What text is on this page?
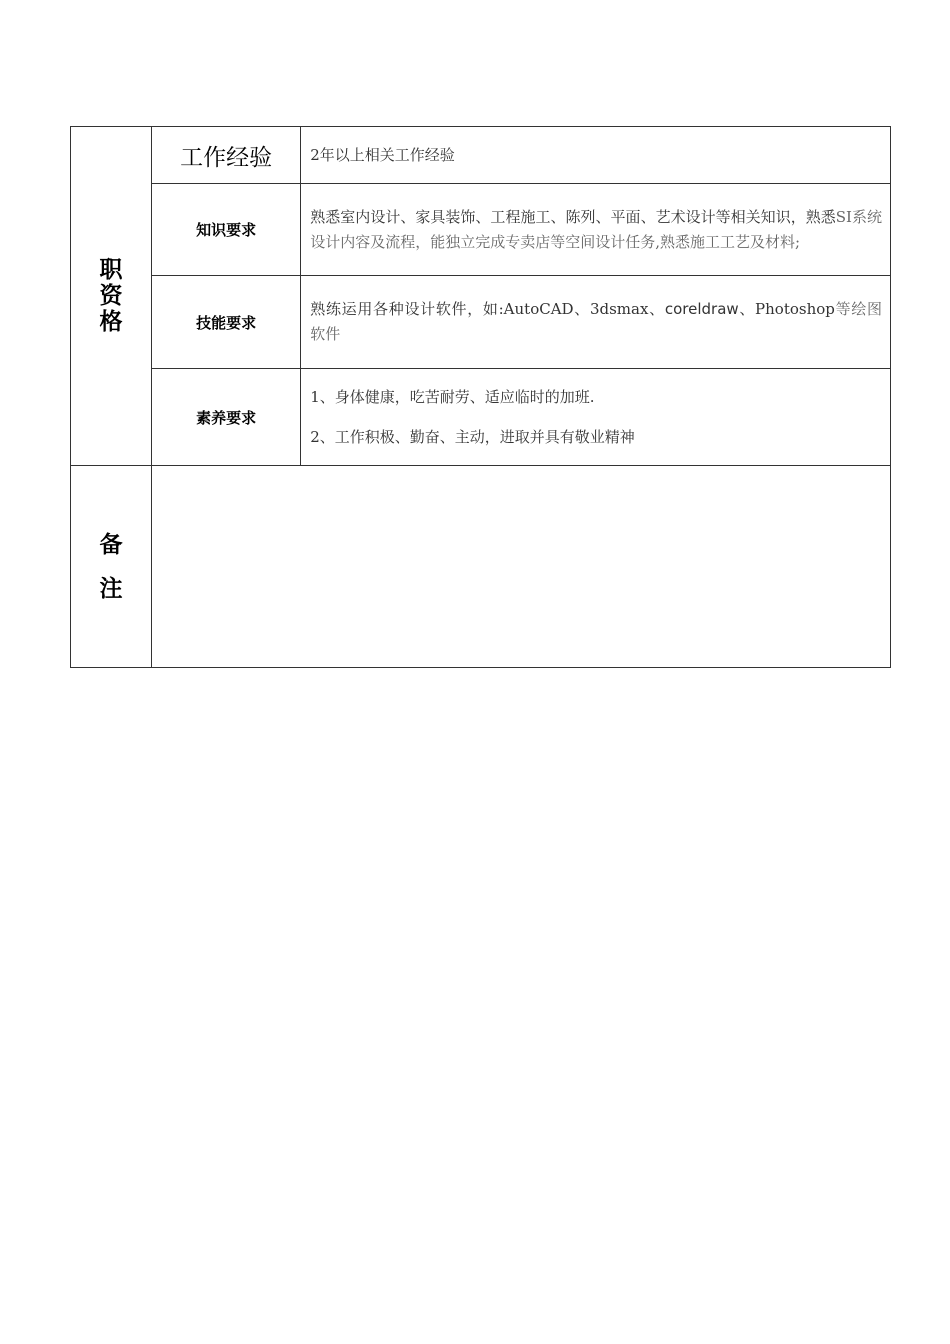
职
资
格	工作经验	2年以上相关工作经验
	知识要求	熟悉室内设计、家具装饰、工程施工、陈列、平面、艺术设计等相关知识，熟悉SI系统设计内容及流程，能独立完成专卖店等空间设计任务,熟悉施工工艺及材料;
	技能要求	熟练运用各种设计软件，如:AutoCAD、3dsmax、coreldraw、Photoshop等绘图软件
	素养要求	1、身体健康，吃苦耐劳、适应临时的加班.

2、工作积极、勤奋、主动，进取并具有敬业精神

备
注		
